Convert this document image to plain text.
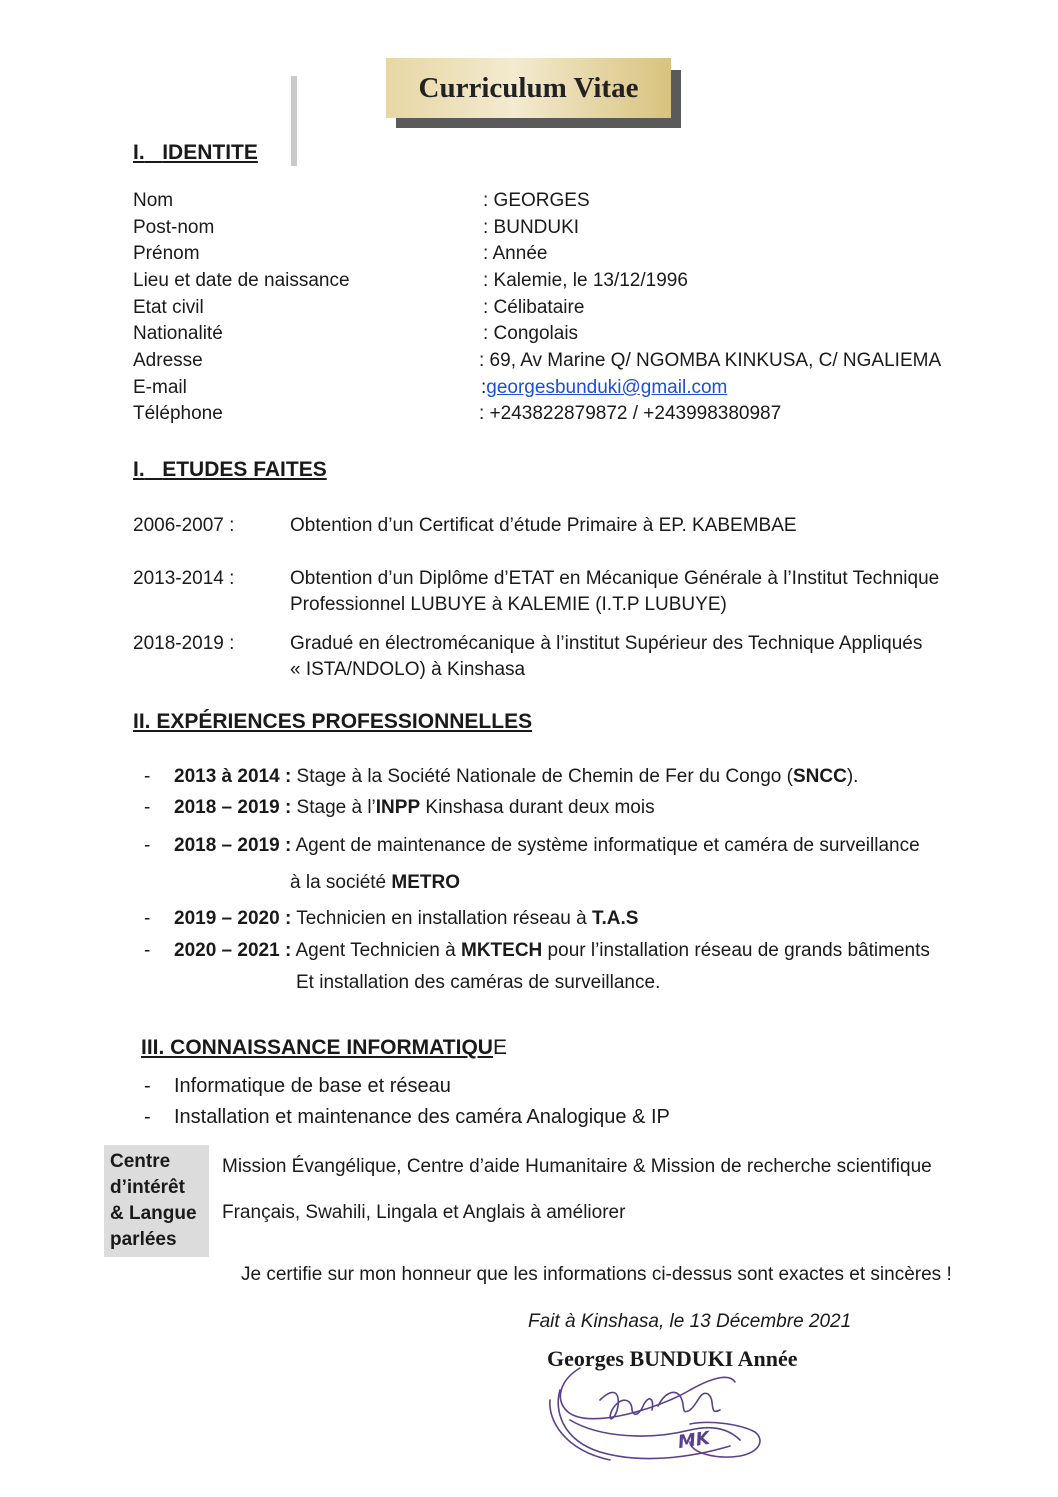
Curriculum Vitae
I. IDENTITE
Nom	: GEORGES
Post-nom	: BUNDUKI
Prénom	: Année
Lieu et date de naissance	: Kalemie, le 13/12/1996
Etat civil	: Célibataire
Nationalité	: Congolais
Adresse	: 69, Av Marine Q/ NGOMBA KINKUSA, C/ NGALIEMA
E-mail	:georgesbunduki@gmail.com
Téléphone	: +243822879872 / +243998380987
I. ETUDES FAITES
2006-2007 :	Obtention d’un Certificat d’étude Primaire à EP. KABEMBAE
2013-2014 :	Obtention d’un Diplôme d’ETAT en Mécanique Générale à l’Institut Technique
Professionnel LUBUYE à KALEMIE (I.T.P LUBUYE)
2018-2019 :	Gradué en électromécanique à l’institut Supérieur des Technique Appliqués
« ISTA/NDOLO) à Kinshasa
II. EXPÉRIENCES PROFESSIONNELLES
- 2013 à 2014 : Stage à la Société Nationale de Chemin de Fer du Congo (SNCC).
- 2018 – 2019 : Stage à l’INPP Kinshasa durant deux mois
- 2018 – 2019 : Agent de maintenance de système informatique et caméra de surveillance
à la société METRO
- 2019 – 2020 : Technicien en installation réseau à T.A.S
- 2020 – 2021 : Agent Technicien à MKTECH pour l’installation réseau de grands bâtiments
Et installation des caméras de surveillance.
III. CONNAISSANCE INFORMATIQUE
- Informatique de base et réseau
- Installation et maintenance des caméra Analogique & IP
Centre
d’intérêt
& Langue
parlées
Mission Évangélique, Centre d’aide Humanitaire & Mission de recherche scientifique
Français, Swahili, Lingala et Anglais à améliorer
Je certifie sur mon honneur que les informations ci-dessus sont exactes et sincères !
Fait à Kinshasa, le 13 Décembre 2021
MK
Georges BUNDUKI Année
